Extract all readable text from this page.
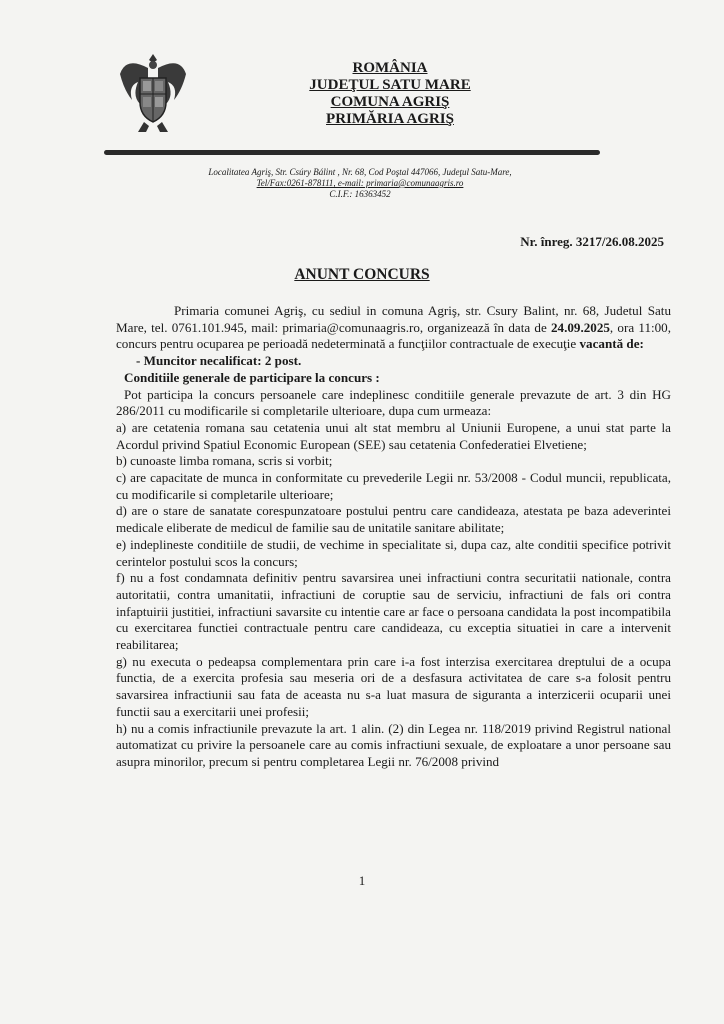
ROMÂNIA
JUDEŢUL SATU MARE
COMUNA AGRIŞ
PRIMĂRIA AGRIŞ
Localitatea Agriş, Str. Csúry Bálint , Nr. 68, Cod Poştal 447066, Judeţul Satu-Mare,
Tel/Fax:0261-878111, e-mail: primaria@comunaagris.ro
C.I.F.: 16363452
Nr. înreg. 3217/26.08.2025
ANUNT CONCURS

Primaria comunei Agriş, cu sediul in comuna Agriş, str. Csury Balint, nr. 68, Judetul Satu Mare, tel. 0761.101.945, mail: primaria@comunaagris.ro, organizează în data de 24.09.2025, ora 11:00, concurs pentru ocuparea pe perioadă nedeterminată a funcţiilor contractuale de execuţie vacantă de:

- Muncitor necalificat: 2 post.

Conditiile generale de participare la concurs :

Pot participa la concurs persoanele care indeplinesc conditiile generale prevazute de art. 3 din HG 286/2011 cu modificarile si completarile ulterioare, dupa cum urmeaza:

a) are cetatenia romana sau cetatenia unui alt stat membru al Uniunii Europene, a unui stat parte la Acordul privind Spatiul Economic European (SEE) sau cetatenia Confederatiei Elvetiene;

b) cunoaste limba romana, scris si vorbit;

c) are capacitate de munca in conformitate cu prevederile Legii nr. 53/2008 - Codul muncii, republicata, cu modificarile si completarile ulterioare;

d) are o stare de sanatate corespunzatoare postului pentru care candideaza, atestata pe baza adeverintei medicale eliberate de medicul de familie sau de unitatile sanitare abilitate;

e) indeplineste conditiile de studii, de vechime in specialitate si, dupa caz, alte conditii specifice potrivit cerintelor postului scos la concurs;

f) nu a fost condamnata definitiv pentru savarsirea unei infractiuni contra securitatii nationale, contra autoritatii, contra umanitatii, infractiuni de coruptie sau de serviciu, infractiuni de fals ori contra infaptuirii justitiei, infractiuni savarsite cu intentie care ar face o persoana candidata la post incompatibila cu exercitarea functiei contractuale pentru care candideaza, cu exceptia situatiei in care a intervenit reabilitarea;

g) nu executa o pedeapsa complementara prin care i-a fost interzisa exercitarea dreptului de a ocupa functia, de a exercita profesia sau meseria ori de a desfasura activitatea de care s-a folosit pentru savarsirea infractiunii sau fata de aceasta nu s-a luat masura de siguranta a interzicerii ocuparii unei functii sau a exercitarii unei profesii;

h) nu a comis infractiunile prevazute la art. 1 alin. (2) din Legea nr. 118/2019 privind Registrul national automatizat cu privire la persoanele care au comis infractiuni sexuale, de exploatare a unor persoane sau asupra minorilor, precum si pentru completarea Legii nr. 76/2008 privind

1
